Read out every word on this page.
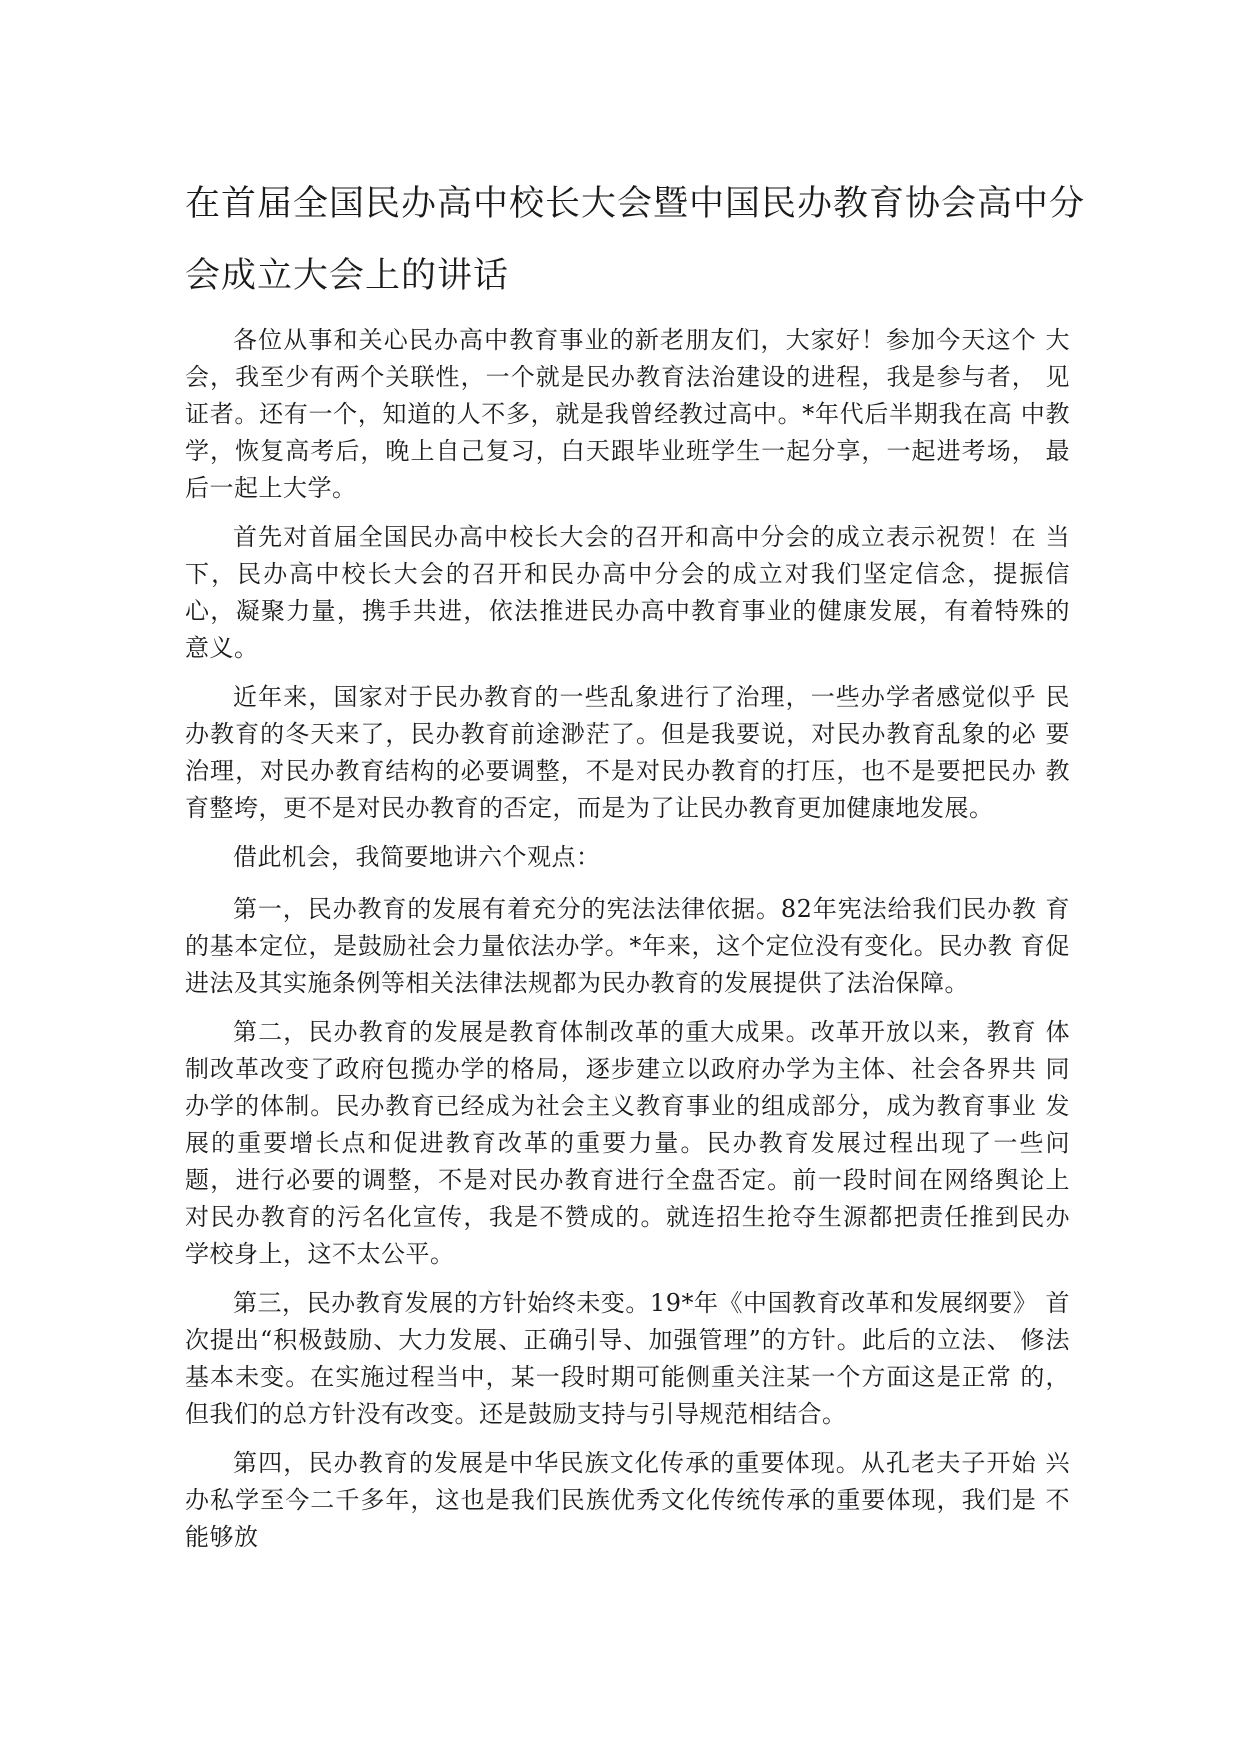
在首届全国民办高中校长大会暨中国民办教育协会高中分会成立大会上的讲话

各位从事和关心民办高中教育事业的新老朋友们，大家好！参加今天这个 大会，我至少有两个关联性，一个就是民办教育法治建设的进程，我是参与者， 见证者。还有一个，知道的人不多，就是我曾经教过高中。*年代后半期我在高 中教学，恢复高考后，晚上自己复习，白天跟毕业班学生一起分享，一起进考场， 最后一起上大学。

首先对首届全国民办高中校长大会的召开和高中分会的成立表示祝贺！在 当下，民办高中校长大会的召开和民办高中分会的成立对我们坚定信念，提振信 心，凝聚力量，携手共进，依法推进民办高中教育事业的健康发展，有着特殊的 意义。

近年来，国家对于民办教育的一些乱象进行了治理，一些办学者感觉似乎 民办教育的冬天来了，民办教育前途渺茫了。但是我要说，对民办教育乱象的必 要治理，对民办教育结构的必要调整，不是对民办教育的打压，也不是要把民办 教育整垮，更不是对民办教育的否定，而是为了让民办教育更加健康地发展。

借此机会，我简要地讲六个观点：

第一，民办教育的发展有着充分的宪法法律依据。82年宪法给我们民办教 育的基本定位，是鼓励社会力量依法办学。*年来，这个定位没有变化。民办教 育促进法及其实施条例等相关法律法规都为民办教育的发展提供了法治保障。

第二，民办教育的发展是教育体制改革的重大成果。改革开放以来，教育 体制改革改变了政府包揽办学的格局，逐步建立以政府办学为主体、社会各界共 同办学的体制。民办教育已经成为社会主义教育事业的组成部分，成为教育事业 发展的重要增长点和促进教育改革的重要力量。民办教育发展过程出现了一些问 题，进行必要的调整，不是对民办教育进行全盘否定。前一段时间在网络舆论上 对民办教育的污名化宣传，我是不赞成的。就连招生抢夺生源都把责任推到民办 学校身上，这不太公平。

第三，民办教育发展的方针始终未变。19*年《中国教育改革和发展纲要》 首次提出“积极鼓励、大力发展、正确引导、加强管理”的方针。此后的立法、 修法基本未变。在实施过程当中，某一段时期可能侧重关注某一个方面这是正常 的，但我们的总方针没有改变。还是鼓励支持与引导规范相结合。

第四，民办教育的发展是中华民族文化传承的重要体现。从孔老夫子开始 兴办私学至今二千多年，这也是我们民族优秀文化传统传承的重要体现，我们是 不能够放
